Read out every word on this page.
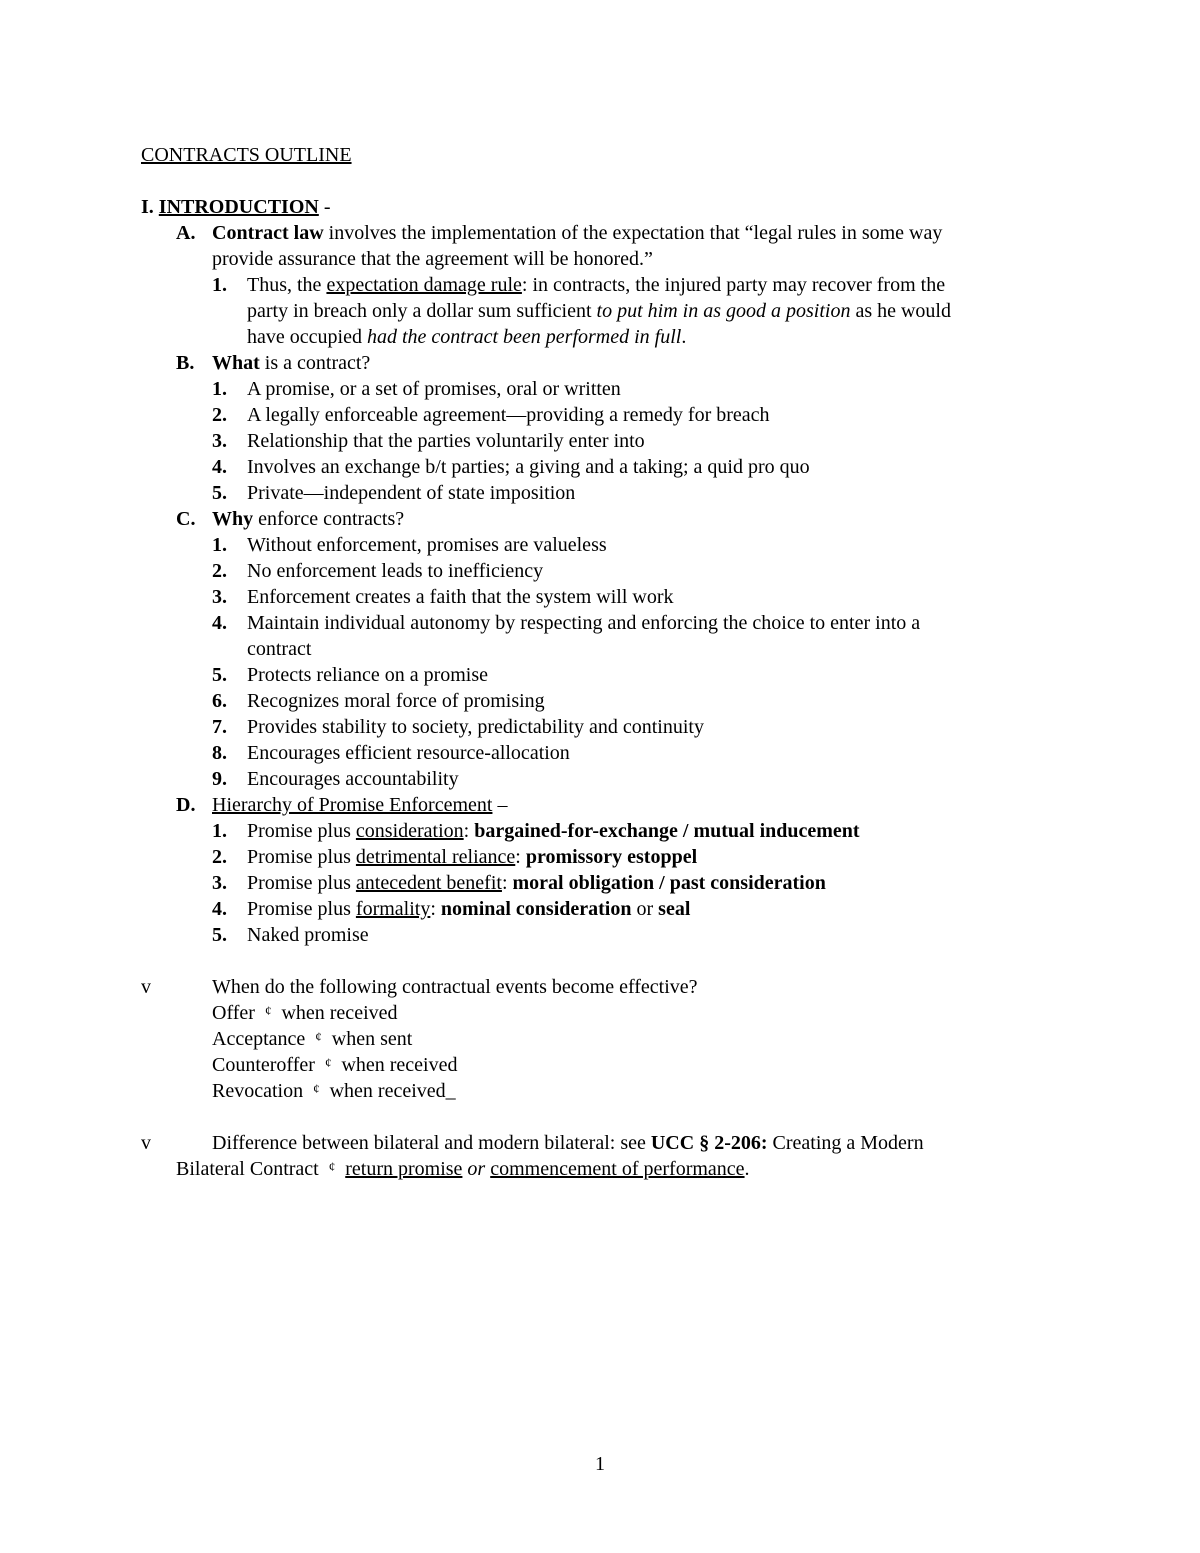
CONTRACTS OUTLINE
I. INTRODUCTION -
A. Contract law involves the implementation of the expectation that “legal rules in some way
provide assurance that the agreement will be honored.”
1. Thus, the expectation damage rule: in contracts, the injured party may recover from the
party in breach only a dollar sum sufficient to put him in as good a position as he would
have occupied had the contract been performed in full.
B. What is a contract?
1. A promise, or a set of promises, oral or written
2. A legally enforceable agreement—providing a remedy for breach
3. Relationship that the parties voluntarily enter into
4. Involves an exchange b/t parties; a giving and a taking; a quid pro quo
5. Private—independent of state imposition
C. Why enforce contracts?
1. Without enforcement, promises are valueless
2. No enforcement leads to inefficiency
3. Enforcement creates a faith that the system will work
4. Maintain individual autonomy by respecting and enforcing the choice to enter into a
contract
5. Protects reliance on a promise
6. Recognizes moral force of promising
7. Provides stability to society, predictability and continuity
8. Encourages efficient resource-allocation
9. Encourages accountability
D. Hierarchy of Promise Enforcement –
1. Promise plus consideration: bargained-for-exchange / mutual inducement
2. Promise plus detrimental reliance: promissory estoppel
3. Promise plus antecedent benefit: moral obligation / past consideration
4. Promise plus formality: nominal consideration or seal
5. Naked promise
v	When do the following contractual events become effective?
Offer ¢ when received
Acceptance ¢ when sent
Counteroffer ¢ when received
Revocation ¢ when received_
v	Difference between bilateral and modern bilateral: see UCC § 2-206: Creating a Modern
Bilateral Contract ¢ return promise or commencement of performance.
1
